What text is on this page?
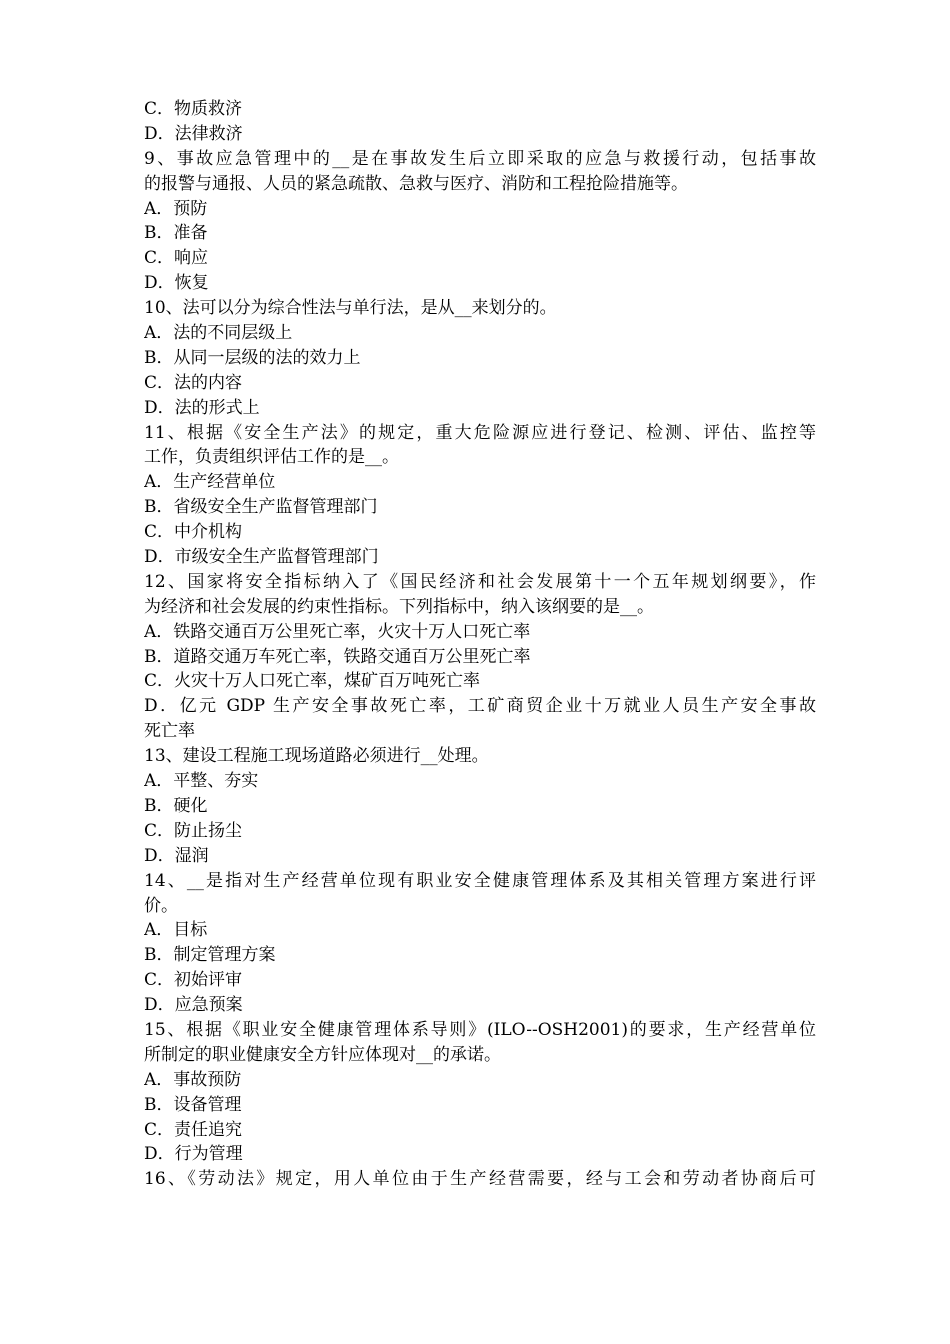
C．物质救济
D．法律救济
9、事故应急管理中的__是在事故发生后立即采取的应急与救援行动，包括事故
的报警与通报、人员的紧急疏散、急救与医疗、消防和工程抢险措施等。
A．预防
B．准备
C．响应
D．恢复
10、法可以分为综合性法与单行法，是从__来划分的。
A．法的不同层级上
B．从同一层级的法的效力上
C．法的内容
D．法的形式上
11、根据《安全生产法》的规定，重大危险源应进行登记、检测、评估、监控等
工作，负责组织评估工作的是__。
A．生产经营单位
B．省级安全生产监督管理部门
C．中介机构
D．市级安全生产监督管理部门
12、国家将安全指标纳入了《国民经济和社会发展第十一个五年规划纲要》，作
为经济和社会发展的约束性指标。下列指标中，纳入该纲要的是__。
A．铁路交通百万公里死亡率，火灾十万人口死亡率
B．道路交通万车死亡率，铁路交通百万公里死亡率
C．火灾十万人口死亡率，煤矿百万吨死亡率
D．亿元 GDP 生产安全事故死亡率，工矿商贸企业十万就业人员生产安全事故
死亡率
13、建设工程施工现场道路必须进行__处理。
A．平整、夯实
B．硬化
C．防止扬尘
D．湿润
14、__是指对生产经营单位现有职业安全健康管理体系及其相关管理方案进行评
价。
A．目标
B．制定管理方案
C．初始评审
D．应急预案
15、根据《职业安全健康管理体系导则》(ILO--OSH2001)的要求，生产经营单位
所制定的职业健康安全方针应体现对__的承诺。
A．事故预防
B．设备管理
C．责任追究
D．行为管理
16、《劳动法》规定，用人单位由于生产经营需要，经与工会和劳动者协商后可
